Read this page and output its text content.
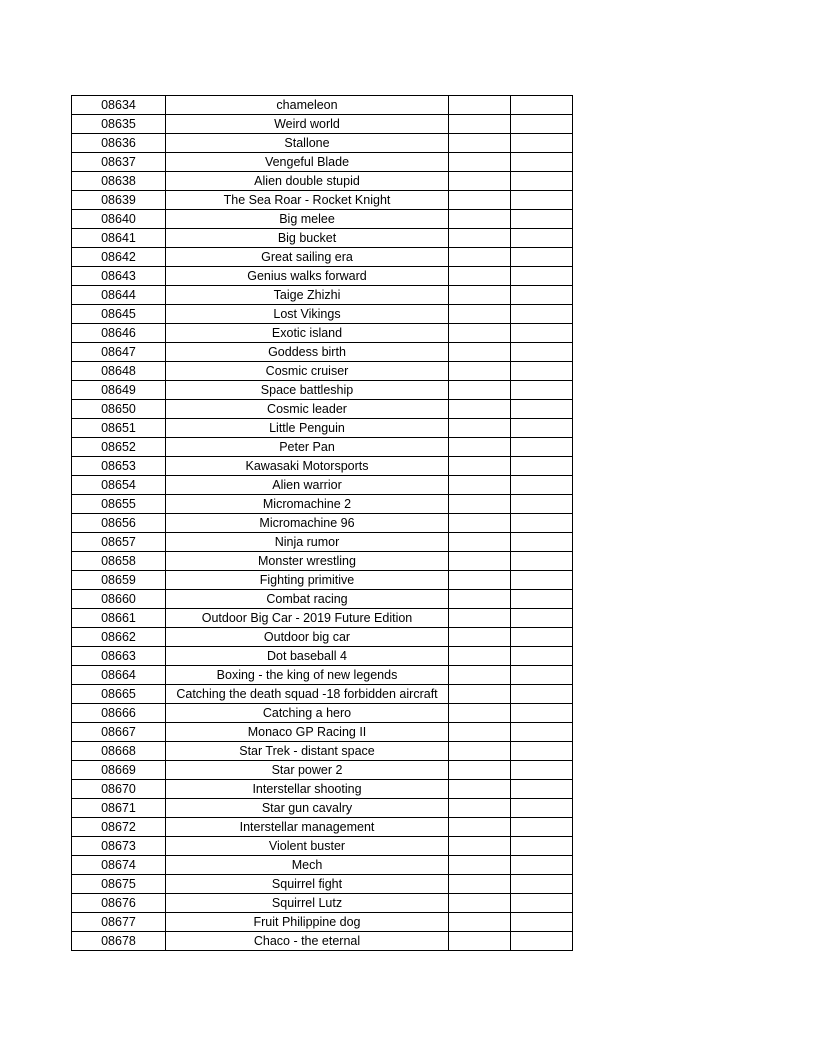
08634	chameleon		
08635	Weird world		
08636	Stallone		
08637	Vengeful Blade		
08638	Alien double stupid		
08639	The Sea Roar - Rocket Knight		
08640	Big melee		
08641	Big bucket		
08642	Great sailing era		
08643	Genius walks forward		
08644	Taige Zhizhi		
08645	Lost Vikings		
08646	Exotic island		
08647	Goddess birth		
08648	Cosmic cruiser		
08649	Space battleship		
08650	Cosmic leader		
08651	Little Penguin		
08652	Peter Pan		
08653	Kawasaki Motorsports		
08654	Alien warrior		
08655	Micromachine 2		
08656	Micromachine 96		
08657	Ninja rumor		
08658	Monster wrestling		
08659	Fighting primitive		
08660	Combat racing		
08661	Outdoor Big Car - 2019 Future Edition		
08662	Outdoor big car		
08663	Dot baseball 4		
08664	Boxing - the king of new legends		
08665	Catching the death squad -18 forbidden aircraft		
08666	Catching a hero		
08667	Monaco GP Racing II		
08668	Star Trek - distant space		
08669	Star power 2		
08670	Interstellar shooting		
08671	Star gun cavalry		
08672	Interstellar management		
08673	Violent buster		
08674	Mech		
08675	Squirrel fight		
08676	Squirrel Lutz		
08677	Fruit Philippine dog		
08678	Chaco - the eternal		
